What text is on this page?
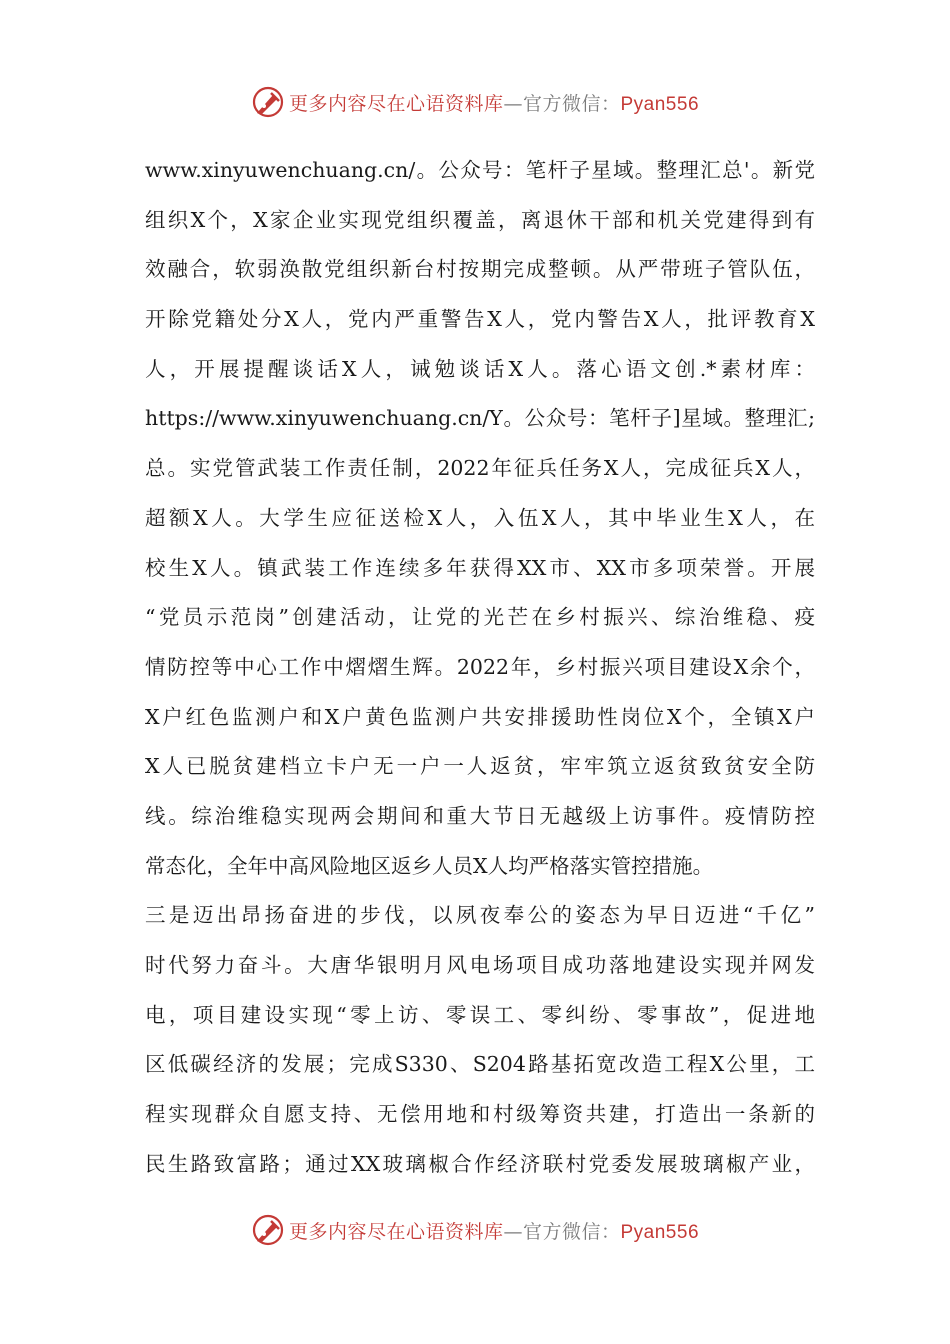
更多内容尽在心语资料库—官方微信：Pyan556
www.xinyuwenchuang.cn/。公众号：笔杆子星域。整理汇总'。新党
组织X个，X家企业实现党组织覆盖，离退休干部和机关党建得到有
效融合，软弱涣散党组织新台村按期完成整顿。从严带班子管队伍，
开除党籍处分X人，党内严重警告X人，党内警告X人，批评教育X
人，开展提醒谈话X人，诫勉谈话X人。落心语文创.*素材库：
https://www.xinyuwenchuang.cn/Y。公众号：笔杆子]星域。整理汇;
总。实党管武装工作责任制，2022年征兵任务X人，完成征兵X人，
超额X人。大学生应征送检X人，入伍X人，其中毕业生X人，在
校生X人。镇武装工作连续多年获得XX市、XX市多项荣誉。开展
“党员示范岗”创建活动，让党的光芒在乡村振兴、综治维稳、疫
情防控等中心工作中熠熠生辉。2022年，乡村振兴项目建设X余个，
X户红色监测户和X户黄色监测户共安排援助性岗位X个，全镇X户
X人已脱贫建档立卡户无一户一人返贫，牢牢筑立返贫致贫安全防
线。综治维稳实现两会期间和重大节日无越级上访事件。疫情防控
常态化，全年中高风险地区返乡人员X人均严格落实管控措施。
三是迈出昂扬奋进的步伐，以夙夜奉公的姿态为早日迈进“千亿”
时代努力奋斗。大唐华银明月风电场项目成功落地建设实现并网发
电，项目建设实现“零上访、零误工、零纠纷、零事故”，促进地
区低碳经济的发展；完成S330、S204路基拓宽改造工程X公里，工
程实现群众自愿支持、无偿用地和村级筹资共建，打造出一条新的
民生路致富路；通过XX玻璃椒合作经济联村党委发展玻璃椒产业，
更多内容尽在心语资料库—官方微信：Pyan556
